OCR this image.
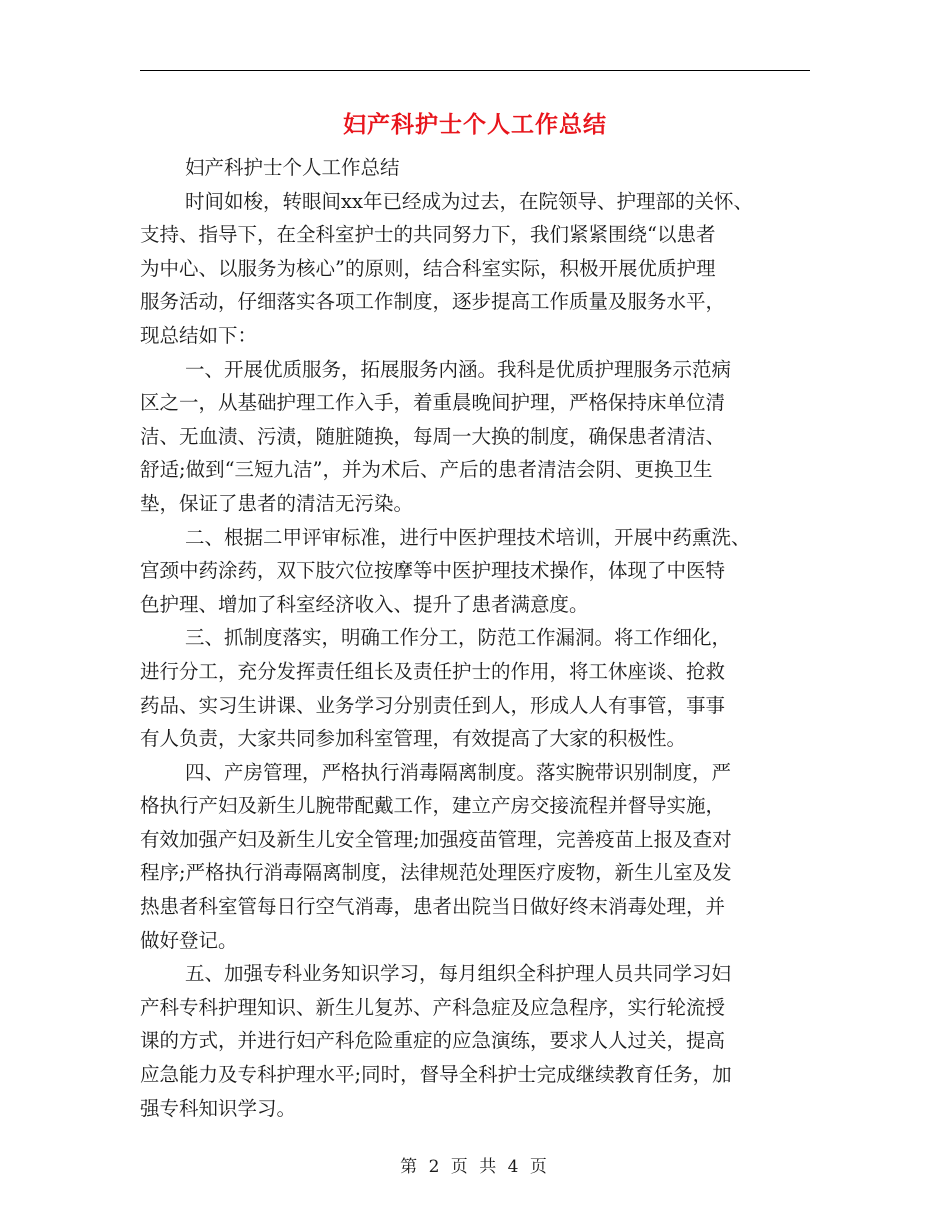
妇产科护士个人工作总结
妇产科护士个人工作总结
时间如梭，转眼间xx年已经成为过去，在院领导、护理部的关怀、
支持、指导下，在全科室护士的共同努力下，我们紧紧围绕“以患者
为中心、以服务为核心”的原则，结合科室实际，积极开展优质护理
服务活动，仔细落实各项工作制度，逐步提高工作质量及服务水平，
现总结如下：
一、开展优质服务，拓展服务内涵。我科是优质护理服务示范病
区之一，从基础护理工作入手，着重晨晚间护理，严格保持床单位清
洁、无血渍、污渍，随脏随换，每周一大换的制度，确保患者清洁、
舒适;做到“三短九洁”，并为术后、产后的患者清洁会阴、更换卫生
垫，保证了患者的清洁无污染。
二、根据二甲评审标准，进行中医护理技术培训，开展中药熏洗、
宫颈中药涂药，双下肢穴位按摩等中医护理技术操作，体现了中医特
色护理、增加了科室经济收入、提升了患者满意度。
三、抓制度落实，明确工作分工，防范工作漏洞。将工作细化，
进行分工，充分发挥责任组长及责任护士的作用，将工休座谈、抢救
药品、实习生讲课、业务学习分别责任到人，形成人人有事管，事事
有人负责，大家共同参加科室管理，有效提高了大家的积极性。
四、产房管理，严格执行消毒隔离制度。落实腕带识别制度，严
格执行产妇及新生儿腕带配戴工作，建立产房交接流程并督导实施，
有效加强产妇及新生儿安全管理;加强疫苗管理，完善疫苗上报及查对
程序;严格执行消毒隔离制度，法律规范处理医疗废物，新生儿室及发
热患者科室管每日行空气消毒，患者出院当日做好终末消毒处理，并
做好登记。
五、加强专科业务知识学习，每月组织全科护理人员共同学习妇
产科专科护理知识、新生儿复苏、产科急症及应急程序，实行轮流授
课的方式，并进行妇产科危险重症的应急演练，要求人人过关，提高
应急能力及专科护理水平;同时，督导全科护士完成继续教育任务，加
强专科知识学习。
第 2 页 共 4 页
